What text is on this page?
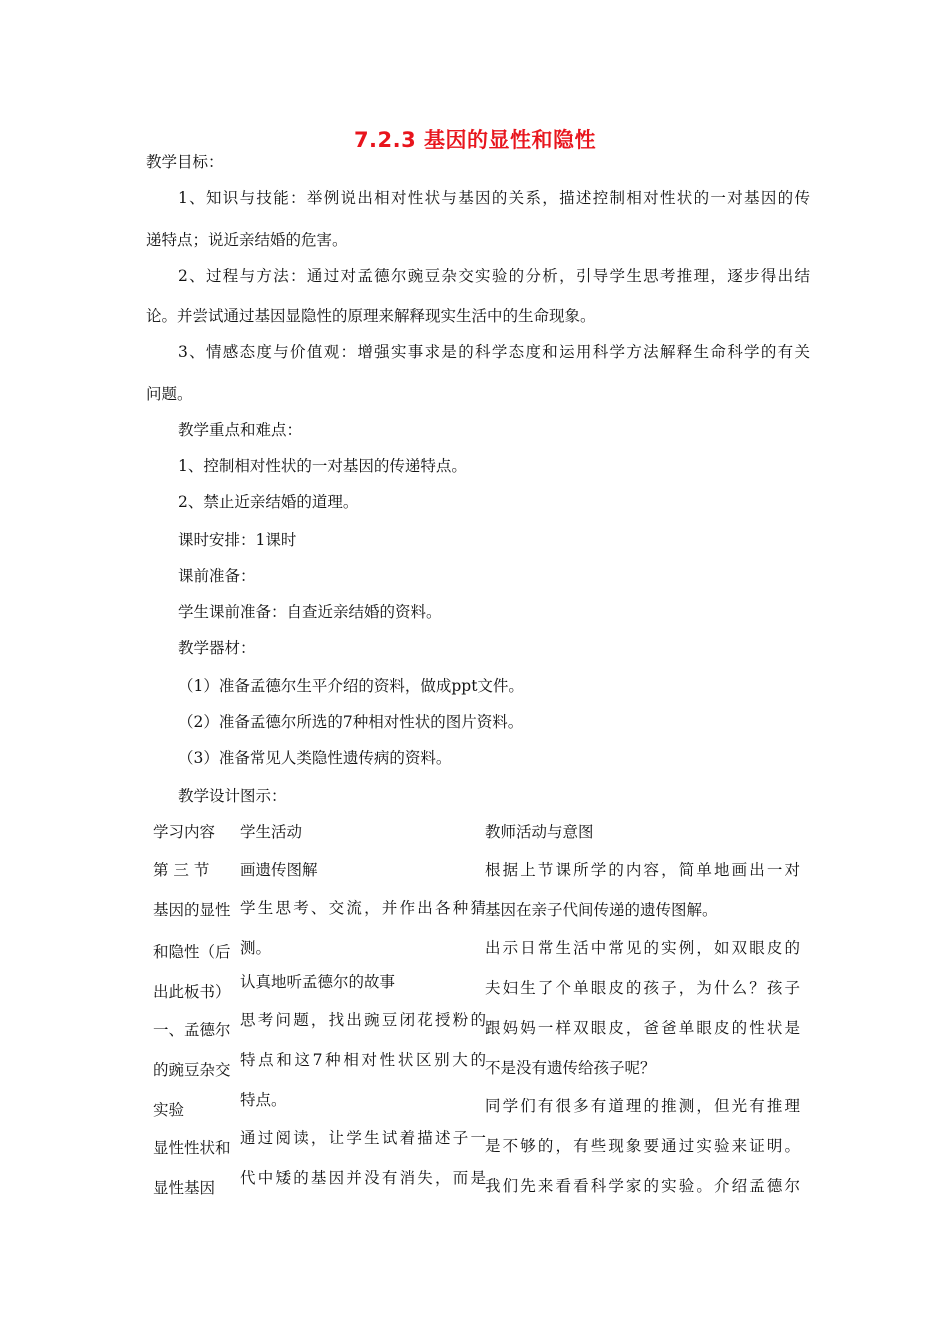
7.2.3 基因的显性和隐性
教学目标：
1、知识与技能：举例说出相对性状与基因的关系，描述控制相对性状的一对基因的传
递特点；说近亲结婚的危害。
2、过程与方法：通过对孟德尔豌豆杂交实验的分析，引导学生思考推理，逐步得出结
论。并尝试通过基因显隐性的原理来解释现实生活中的生命现象。
3、情感态度与价值观：增强实事求是的科学态度和运用科学方法解释生命科学的有关
问题。
教学重点和难点：
1、控制相对性状的一对基因的传递特点。
2、禁止近亲结婚的道理。
课时安排：1课时
课前准备：
学生课前准备：自查近亲结婚的资料。
教学器材：
（1）准备孟德尔生平介绍的资料，做成ppt文件。
（2）准备孟德尔所选的7种相对性状的图片资料。
（3）准备常见人类隐性遗传病的资料。
教学设计图示：
学习内容	学生活动	教师活动与意图
第 三 节
基因的显性
和隐性（后
出此板书）
一、孟德尔
的豌豆杂交
实验
显性性状和
显性基因
画遗传图解
学生思考、交流，并作出各种猜
测。
认真地听孟德尔的故事
思考问题，找出豌豆闭花授粉的
特点和这7种相对性状区别大的
特点。
通过阅读，让学生试着描述子一
代中矮的基因并没有消失，而是
根据上节课所学的内容，简单地画出一对
基因在亲子代间传递的遗传图解。
出示日常生活中常见的实例，如双眼皮的
夫妇生了个单眼皮的孩子，为什么？孩子
跟妈妈一样双眼皮，爸爸单眼皮的性状是
不是没有遗传给孩子呢？
同学们有很多有道理的推测，但光有推理
是不够的，有些现象要通过实验来证明。
我们先来看看科学家的实验。介绍孟德尔
